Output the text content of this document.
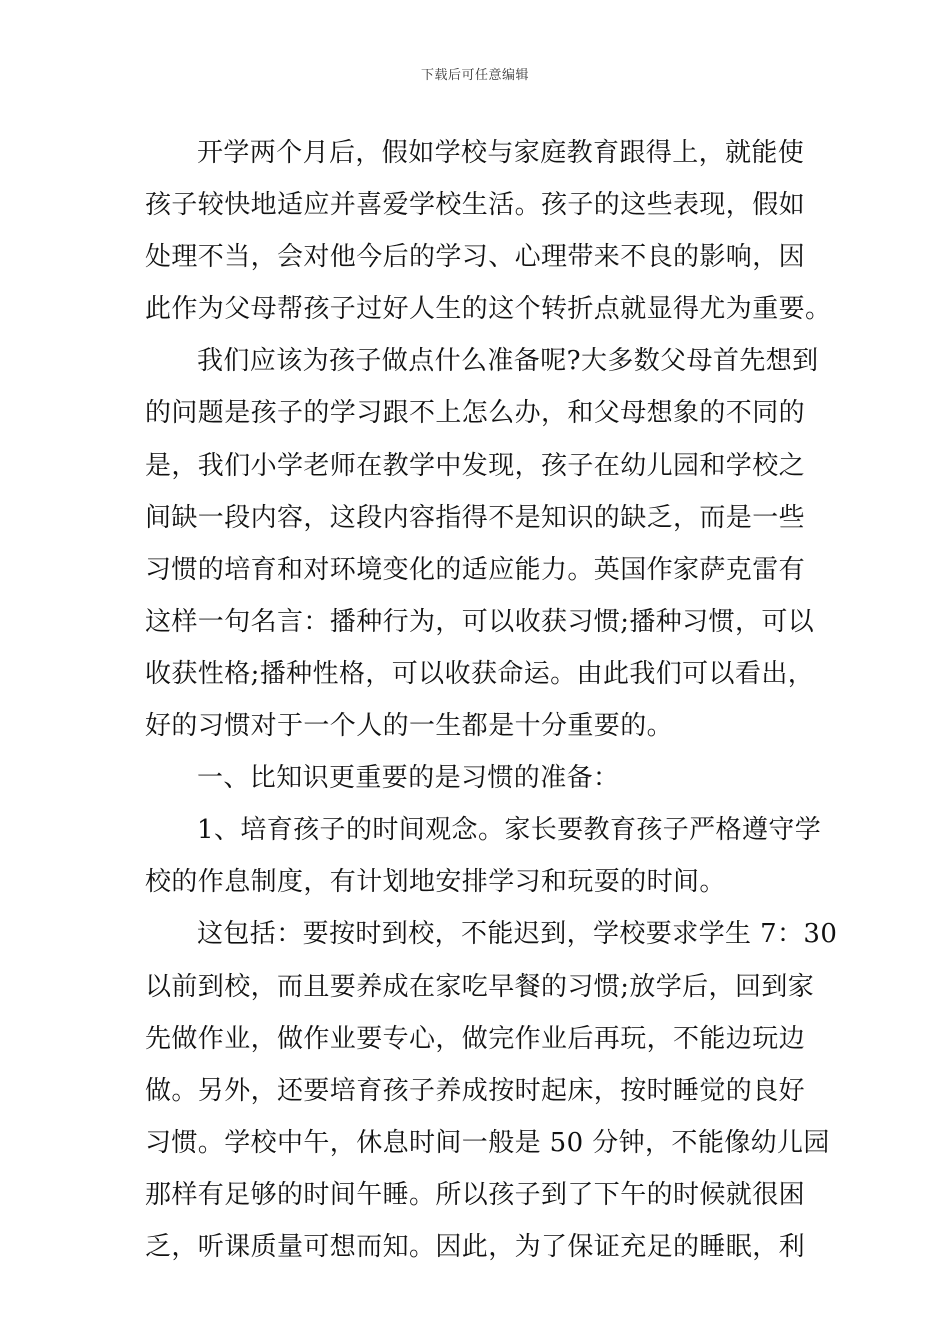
下载后可任意编辑
开学两个月后，假如学校与家庭教育跟得上，就能使
孩子较快地适应并喜爱学校生活。孩子的这些表现，假如
处理不当，会对他今后的学习、心理带来不良的影响，因
此作为父母帮孩子过好人生的这个转折点就显得尤为重要。
我们应该为孩子做点什么准备呢?大多数父母首先想到
的问题是孩子的学习跟不上怎么办，和父母想象的不同的
是，我们小学老师在教学中发现，孩子在幼儿园和学校之
间缺一段内容，这段内容指得不是知识的缺乏，而是一些
习惯的培育和对环境变化的适应能力。英国作家萨克雷有
这样一句名言：播种行为，可以收获习惯;播种习惯，可以
收获性格;播种性格，可以收获命运。由此我们可以看出，
好的习惯对于一个人的一生都是十分重要的。
一、比知识更重要的是习惯的准备：
1、培育孩子的时间观念。家长要教育孩子严格遵守学
校的作息制度，有计划地安排学习和玩耍的时间。
这包括：要按时到校，不能迟到，学校要求学生 7：30
以前到校，而且要养成在家吃早餐的习惯;放学后，回到家
先做作业，做作业要专心，做完作业后再玩，不能边玩边
做。另外，还要培育孩子养成按时起床，按时睡觉的良好
习惯。学校中午，休息时间一般是 50 分钟，不能像幼儿园
那样有足够的时间午睡。所以孩子到了下午的时候就很困
乏，听课质量可想而知。因此，为了保证充足的睡眠，利
